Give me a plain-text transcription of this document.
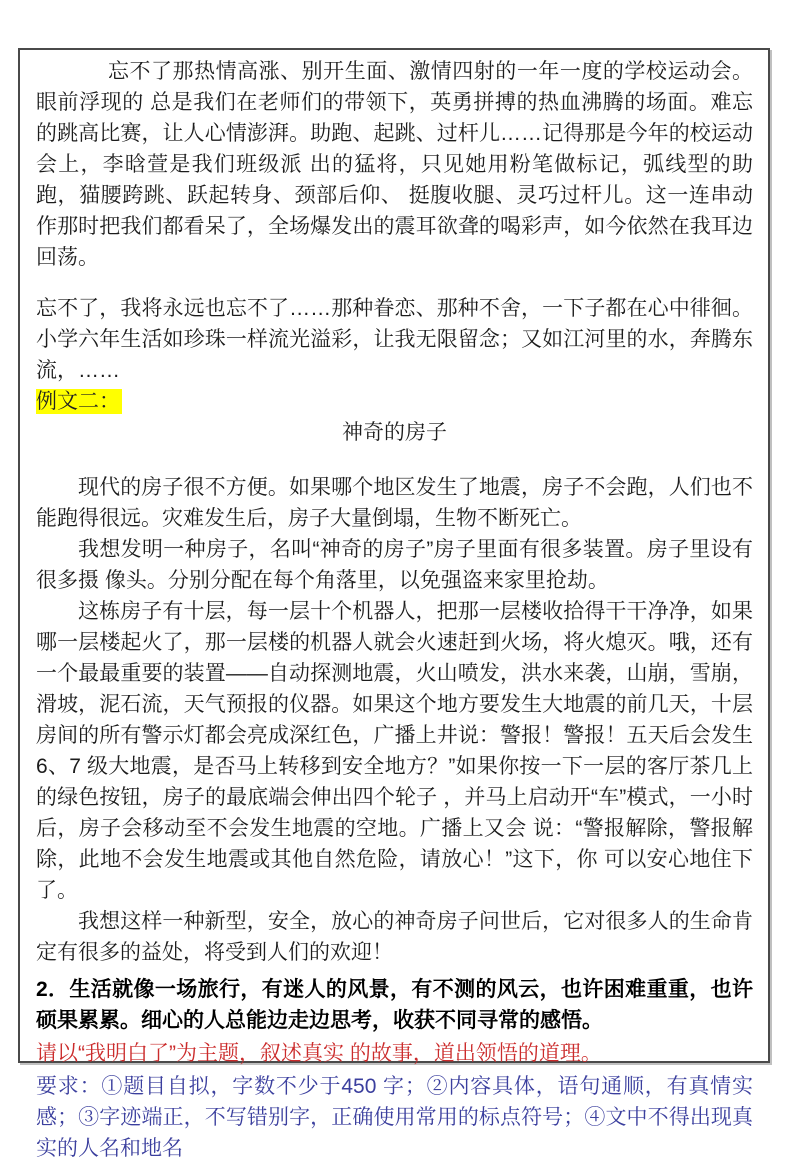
忘不了那热情高涨、别开生面、激情四射的一年一度的学校运动会。眼前浮现的 总是我们在老师们的带领下，英勇拼搏的热血沸腾的场面。难忘的跳高比赛，让人心情澎湃。助跑、起跳、过杆儿……记得那是今年的校运动会上，李晗萱是我们班级派 出的猛将，只见她用粉笔做标记，弧线型的助跑，猫腰跨跳、跃起转身、颈部后仰、 挺腹收腿、灵巧过杆儿。这一连串动作那时把我们都看呆了，全场爆发出的震耳欲聋的喝彩声，如今依然在我耳边回荡。

忘不了，我将永远也忘不了……那种眷恋、那种不舍，一下子都在心中徘徊。小学六年生活如珍珠一样流光溢彩，让我无限留念；又如江河里的水，奔腾东流，……

例文二：

神奇的房子

现代的房子很不方便。如果哪个地区发生了地震，房子不会跑，人们也不能跑得很远。灾难发生后，房子大量倒塌，生物不断死亡。

我想发明一种房子，名叫“神奇的房子”房子里面有很多装置。房子里设有很多摄 像头。分别分配在每个角落里，以免强盗来家里抢劫。

这栋房子有十层，每一层十个机器人，把那一层楼收拾得干干净净，如果哪一层楼起火了，那一层楼的机器人就会火速赶到火场，将火熄灭。哦，还有一个最最重要的装置——自动探测地震，火山喷发，洪水来袭，山崩，雪崩，滑坡，泥石流，天气预报的仪器。如果这个地方要发生大地震的前几天，十层房间的所有警示灯都会亮成深红色，广播上井说：警报！警报！五天后会发生6、7 级大地震，是否马上转移到安全地方？”如果你按一下一层的客厅茶几上的绿色按钮，房子的最底端会伸出四个轮子 ，并马上启动开“车”模式，一小时后，房子会移动至不会发生地震的空地。广播上又会 说：“警报解除，警报解除，此地不会发生地震或其他自然危险，请放心！”这下，你 可以安心地住下了。

我想这样一种新型，安全，放心的神奇房子问世后，它对很多人的生命肯定有很多的益处，将受到人们的欢迎！

2．生活就像一场旅行，有迷人的风景，有不测的风云，也许困难重重，也许硕果累累。细心的人总能边走边思考，收获不同寻常的感悟。

请以“我明白了”为主题，叙述真实 的故事，道出领悟的道理。

要求：①题目自拟，字数不少于450 字；②内容具体，语句通顺，有真情实感；③字迹端正，不写错别字，正确使用常用的标点符号；④文中不得出现真实的人名和地名
